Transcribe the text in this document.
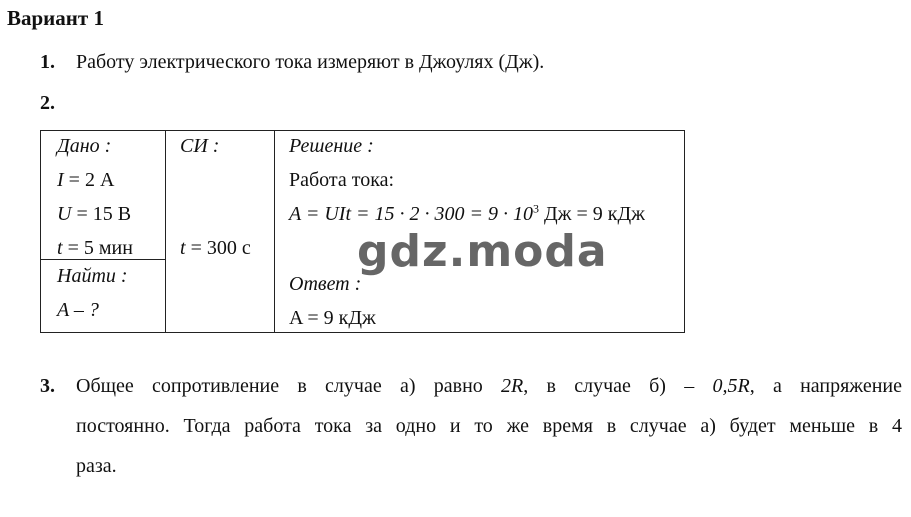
Вариант 1
1. Работу электрического тока измеряют в Джоулях (Дж).
2.
Дано :
I = 2 А
U = 15 В
t = 5 мин
Найти :
A – ?
СИ :
t = 300 с
Решение :
Работа тока:
A = UIt = $15 \cdot 2 \cdot 300 = 9 \cdot 10^3$ Дж = 9 кДж
Ответ :
A = 9 кДж
gdz.moda
3. Общее сопротивление в случае а) равно 2R, в случае б) – 0,5R, а напряжение
постоянно. Тогда работа тока за одно и то же время в случае а) будет меньше в 4
раза.
